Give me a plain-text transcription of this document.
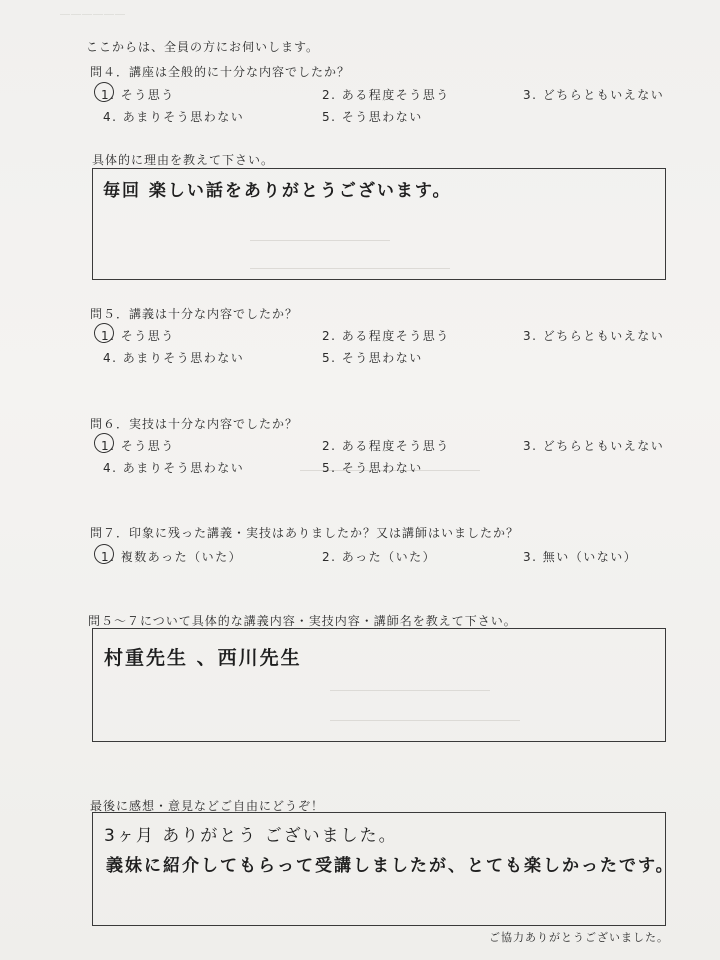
＿＿＿＿＿＿
ここからは、全員の方にお伺いします。
問４．講座は全般的に十分な内容でしたか？
1. そう思う	2. ある程度そう思う	3. どちらともいえない
4. あまりそう思わない	5. そう思わない
具体的に理由を教えて下さい。
毎回 楽しい話をありがとうございます。
問５．講義は十分な内容でしたか？
1. そう思う	2. ある程度そう思う	3. どちらともいえない
4. あまりそう思わない	5. そう思わない
問６．実技は十分な内容でしたか？
1. そう思う	2. ある程度そう思う	3. どちらともいえない
4. あまりそう思わない	5. そう思わない
問７．印象に残った講義・実技はありましたか？又は講師はいましたか？
1. 複数あった（いた）	2. あった（いた）	3. 無い（いない）
問５～７について具体的な講義内容・実技内容・講師名を教えて下さい。
村重先生 、西川先生
最後に感想・意見などご自由にどうぞ！
3ヶ月 ありがとう ございました。
義妹に紹介してもらって受講しましたが、とても楽しかったです。
ご協力ありがとうございました。
